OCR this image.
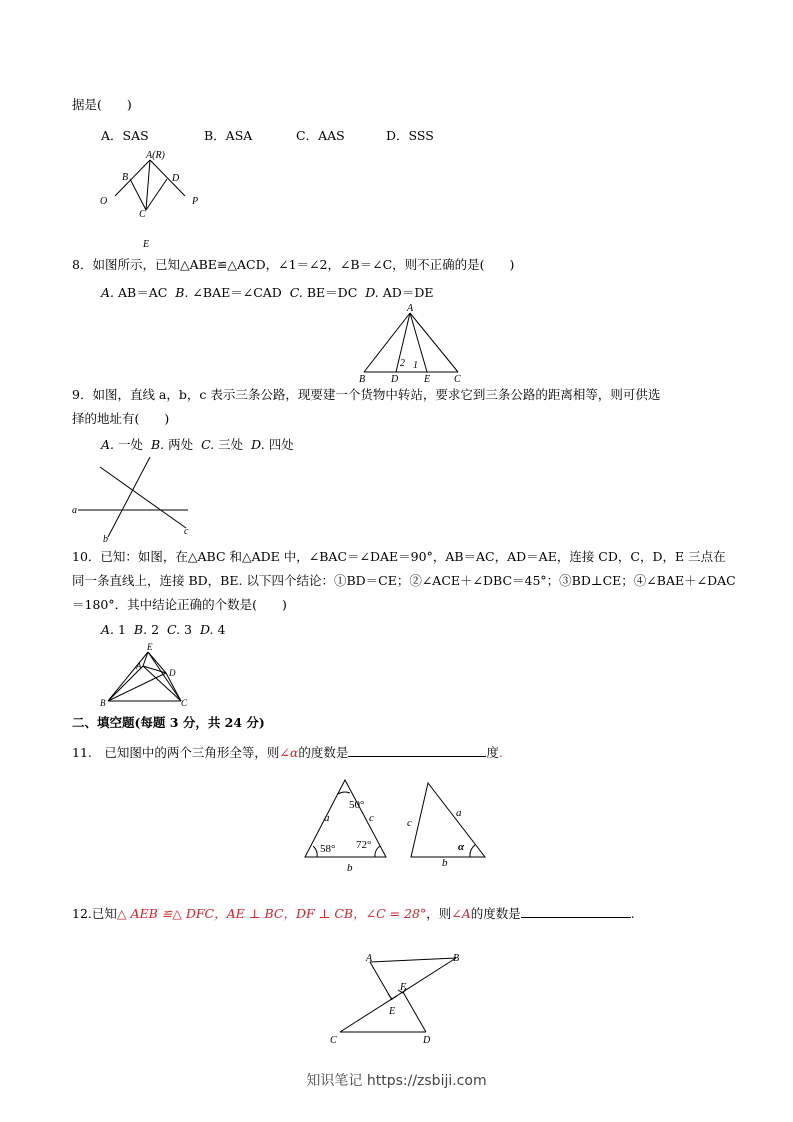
据是(　　)
A．SAS	B．ASA	C．AAS	D．SSS
A(R)
B	D
O	P
C
E
8．如图所示，已知△ABE≌△ACD，∠1＝∠2，∠B＝∠C，则不正确的是(　　)
A. AB＝AC B. ∠BAE＝∠CAD C. BE＝DC D. AD＝DE
A
B	D	E C
2 1
9．如图，直线 a，b，c 表示三条公路，现要建一个货物中转站，要求它到三条公路的距离相等，则可供选
择的地址有(　　)
A. 一处 B. 两处 C. 三处 D. 四处
a
b
c
10．已知：如图，在△ABC 和△ADE 中，∠BAC＝∠DAE＝90°，AB＝AC，AD＝AE，连接 CD，C，D，E 三点在
同一条直线上，连接 BD，BE. 以下四个结论：①BD＝CE；②∠ACE＋∠DBC＝45°；③BD⊥CE；④∠BAE＋∠DAC
＝180°．其中结论正确的个数是(　　)
A. 1 B. 2 C. 3 D. 4
E
A
D
B	C
二、填空题(每题 3 分，共 24 分)
11.　已知图中的两个三角形全等，则∠α的度数是	度.
a	c
b
50°
58° 72°
c
a
b
α
12.已知△ AEB ≌△ DFC，AE ⊥ BC，DF ⊥ CB，∠C = 28°，则∠A的度数是	.
A	B
F
E
C	D
知识笔记 https://zsbiji.com
